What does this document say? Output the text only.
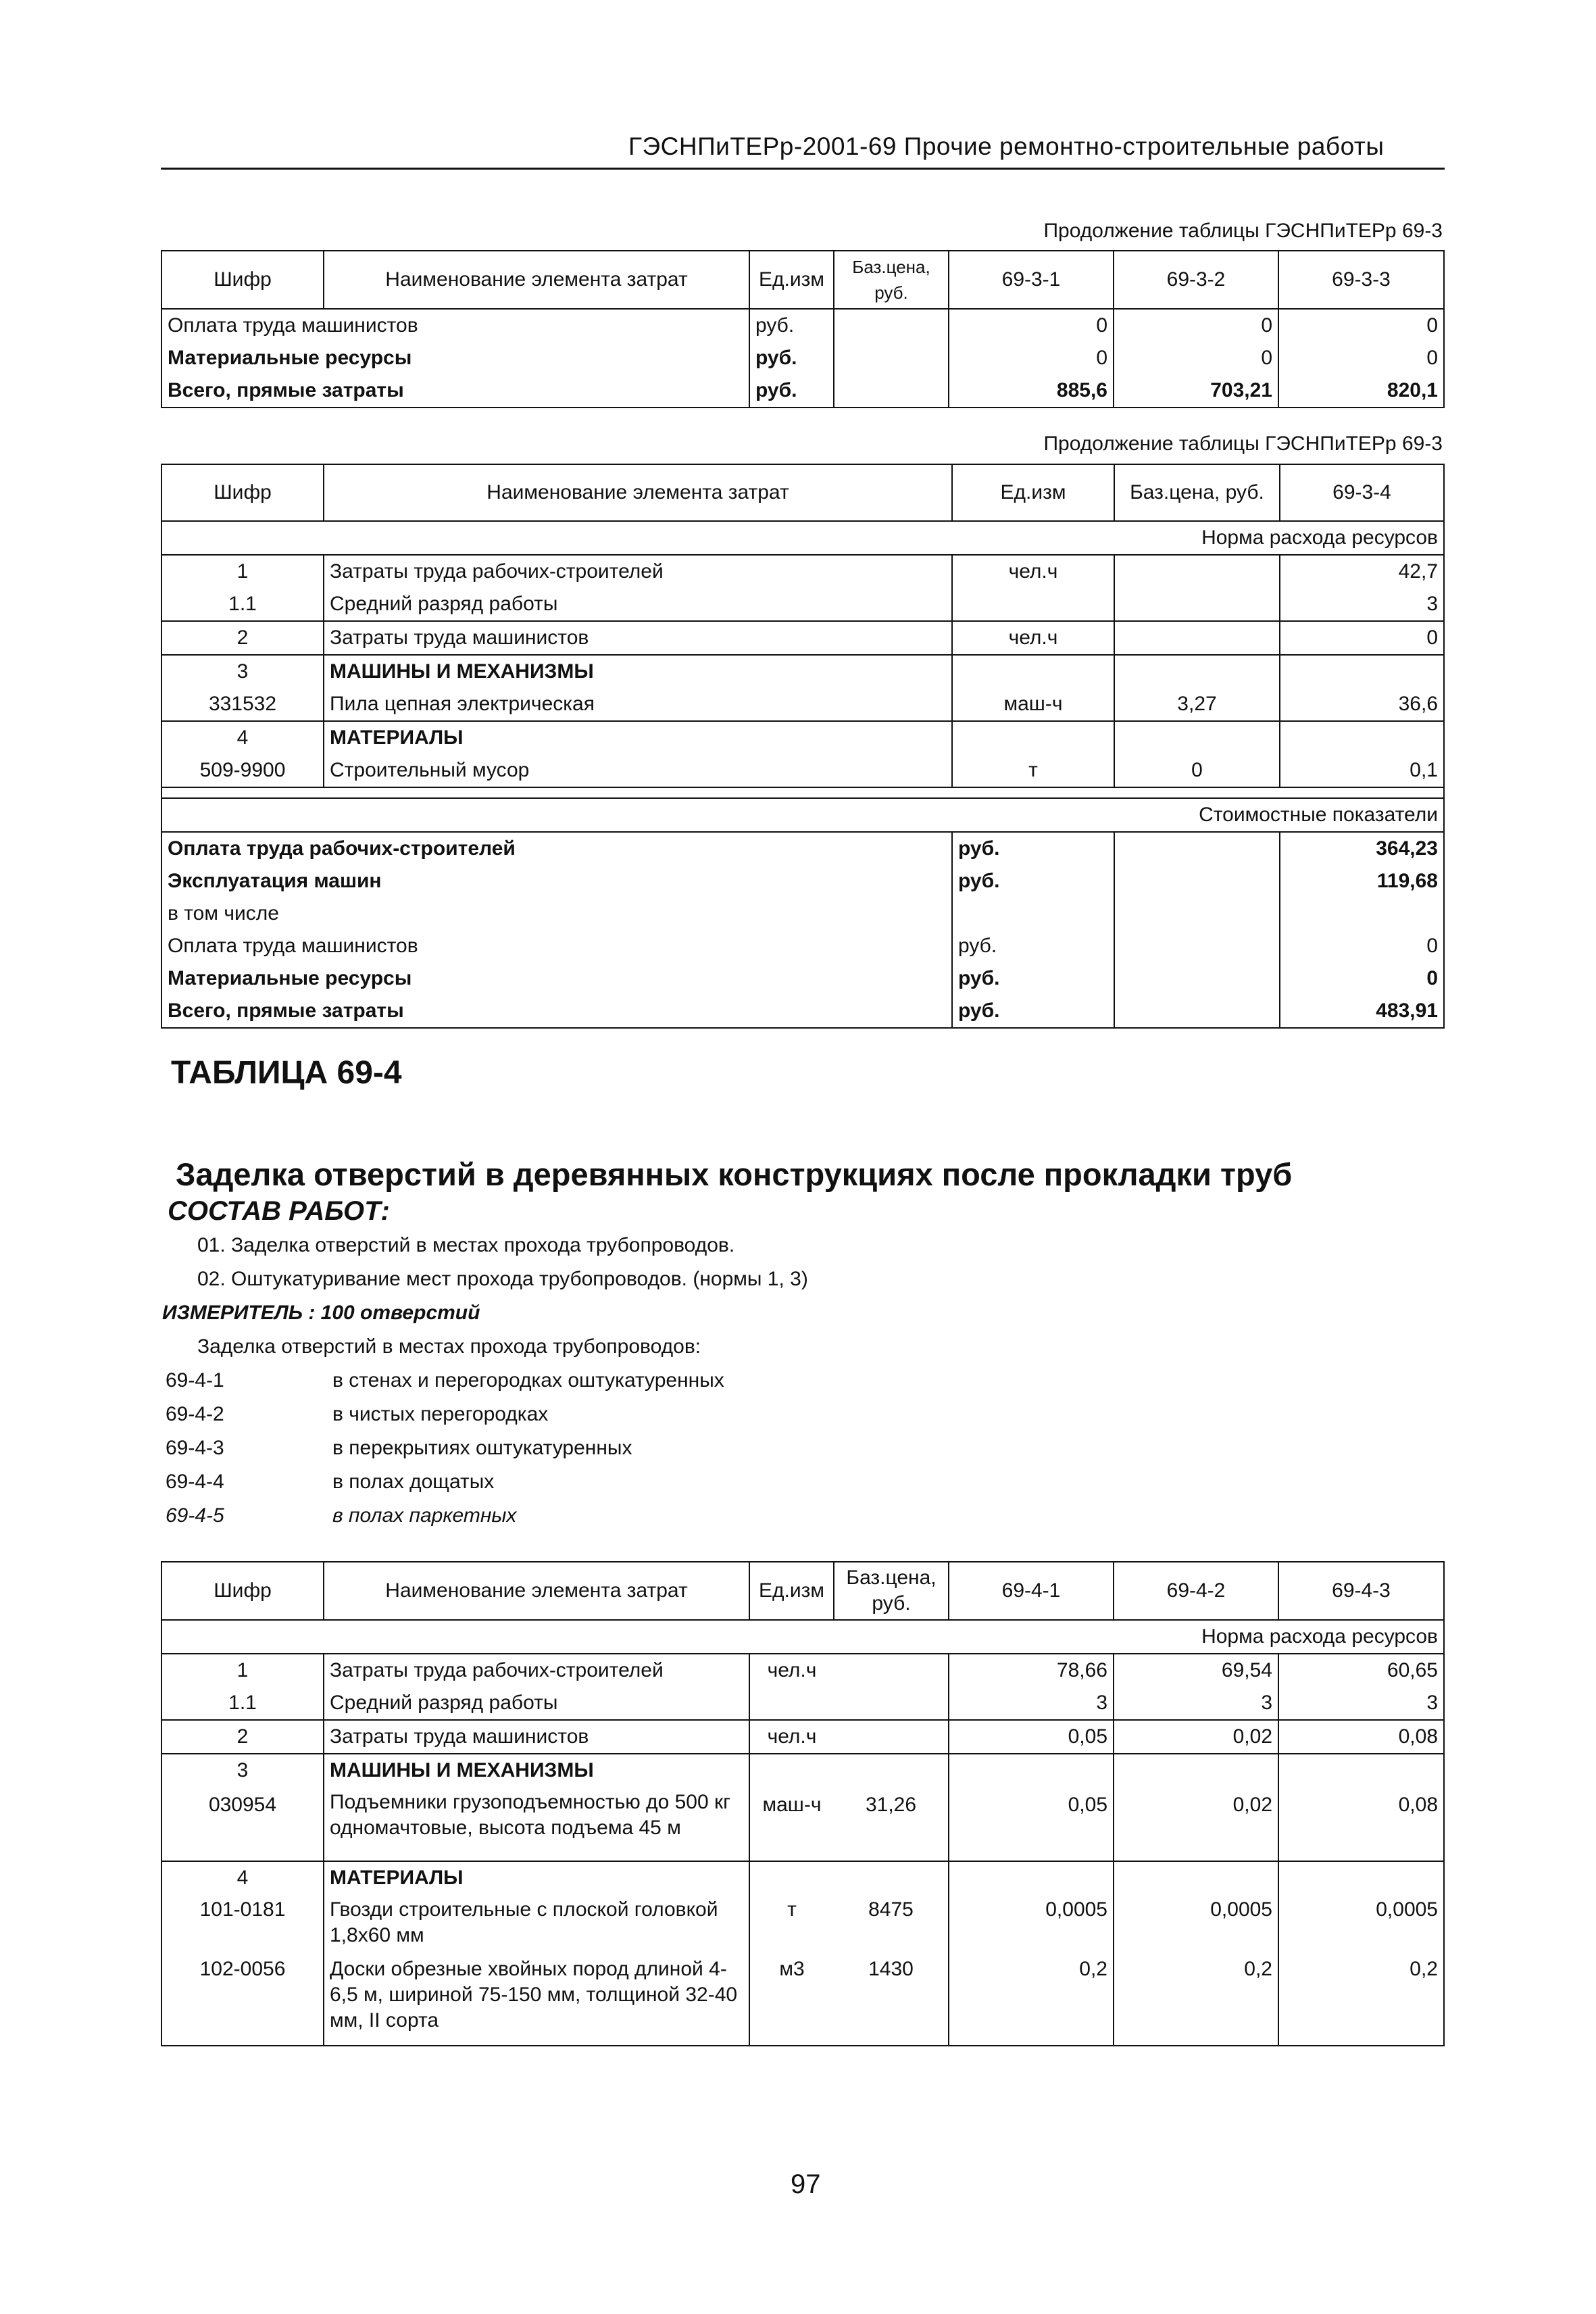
ГЭСНПиТЕРр-2001-69 Прочие ремонтно-строительные работы
Продолжение таблицы ГЭСНПиТЕРр 69-3
Шифр	Наименование элемента затрат	Ед.изм	Баз.цена, руб.	69-3-1	69-3-2	69-3-3
Оплата труда машинистов		руб.		0	0	0
Материальные ресурсы		руб.		0	0	0
Всего, прямые затраты		руб.		885,6	703,21	820,1
Продолжение таблицы ГЭСНПиТЕРр 69-3
Шифр	Наименование элемента затрат	Ед.изм	Баз.цена, руб.	69-3-4
Норма расхода ресурсов				
1	Затраты труда рабочих-строителей	чел.ч		42,7
1.1	Средний разряд работы			3
2	Затраты труда машинистов	чел.ч		0
3	МАШИНЫ И МЕХАНИЗМЫ			
331532	Пила цепная электрическая	маш-ч	3,27	36,6
4	МАТЕРИАЛЫ			
509-9900	Строительный мусор	т	0	0,1

Стоимостные показатели				
Оплата труда рабочих-строителей		руб.		364,23
Эксплуатация машин		руб.		119,68
в том числе				
Оплата труда машинистов		руб.		0
Материальные ресурсы		руб.		0
Всего, прямые затраты		руб.		483,91
ТАБЛИЦА 69-4
Заделка отверстий в деревянных конструкциях после прокладки труб
СОСТАВ РАБОТ:
01. Заделка отверстий в местах прохода трубопроводов.
02. Оштукатуривание мест прохода трубопроводов. (нормы 1, 3)
ИЗМЕРИТЕЛЬ : 100 отверстий
Заделка отверстий в местах прохода трубопроводов:
69-4-1	в стенах и перегородках оштукатуренных
69-4-2	в чистых перегородках
69-4-3	в перекрытиях оштукатуренных
69-4-4	в полах дощатых
69-4-5	в полах паркетных
Шифр	Наименование элемента затрат	Ед.изм	Баз.цена, руб.	69-4-1	69-4-2	69-4-3
Норма расхода ресурсов						
1	Затраты труда рабочих-строителей	чел.ч		78,66	69,54	60,65
1.1	Средний разряд работы			3	3	3
2	Затраты труда машинистов	чел.ч		0,05	0,02	0,08
3	МАШИНЫ И МЕХАНИЗМЫ					
030954	Подъемники грузоподъемностью до 500 кг одномачтовые, высота подъема 45 м	маш-ч	31,26	0,05	0,02	0,08
4	МАТЕРИАЛЫ					
101-0181	Гвозди строительные с плоской головкой 1,8х60 мм	т	8475	0,0005	0,0005	0,0005
102-0056	Доски обрезные хвойных пород длиной 4-6,5 м, шириной 75-150 мм, толщиной 32-40 мм, II сорта	м3	1430	0,2	0,2	0,2
97
